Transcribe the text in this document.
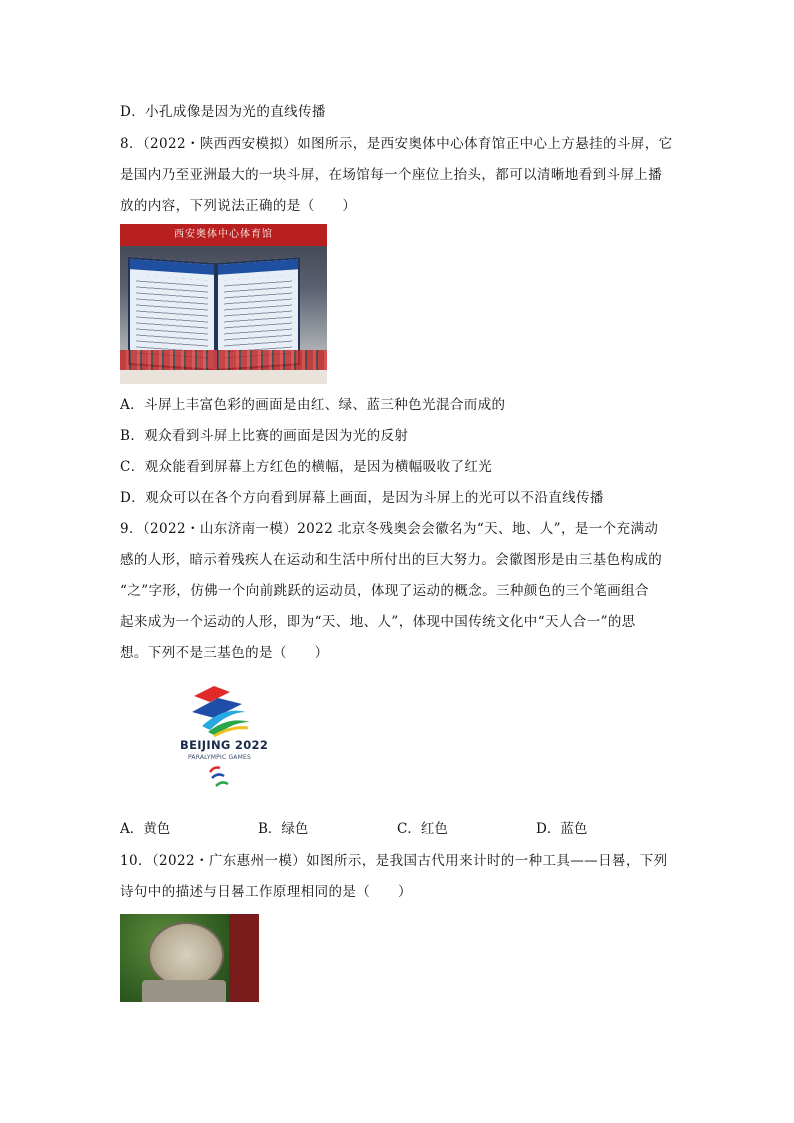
D．小孔成像是因为光的直线传播
8．（2022・陕西西安模拟）如图所示，是西安奥体中心体育馆正中心上方悬挂的斗屏，它
是国内乃至亚洲最大的一块斗屏，在场馆每一个座位上抬头，都可以清晰地看到斗屏上播
放的内容，下列说法正确的是（　　）
西安奥体中心体育馆
A．斗屏上丰富色彩的画面是由红、绿、蓝三种色光混合而成的
B．观众看到斗屏上比赛的画面是因为光的反射
C．观众能看到屏幕上方红色的横幅，是因为横幅吸收了红光
D．观众可以在各个方向看到屏幕上画面，是因为斗屏上的光可以不沿直线传播
9．（2022・山东济南一模）2022 北京冬残奥会会徽名为“天、地、人”，是一个充满动
感的人形，暗示着残疾人在运动和生活中所付出的巨大努力。会徽图形是由三基色构成的
“之”字形，仿佛一个向前跳跃的运动员，体现了运动的概念。三种颜色的三个笔画组合
起来成为一个运动的人形，即为“天、地、人”，体现中国传统文化中“天人合一”的思
想。下列不是三基色的是（　　）
BEIJING 2022
PARALYMPIC GAMES
A．黄色	B．绿色	C．红色	D．蓝色
10．（2022・广东惠州一模）如图所示，是我国古代用来计时的一种工具——日晷，下列
诗句中的描述与日晷工作原理相同的是（　　）
